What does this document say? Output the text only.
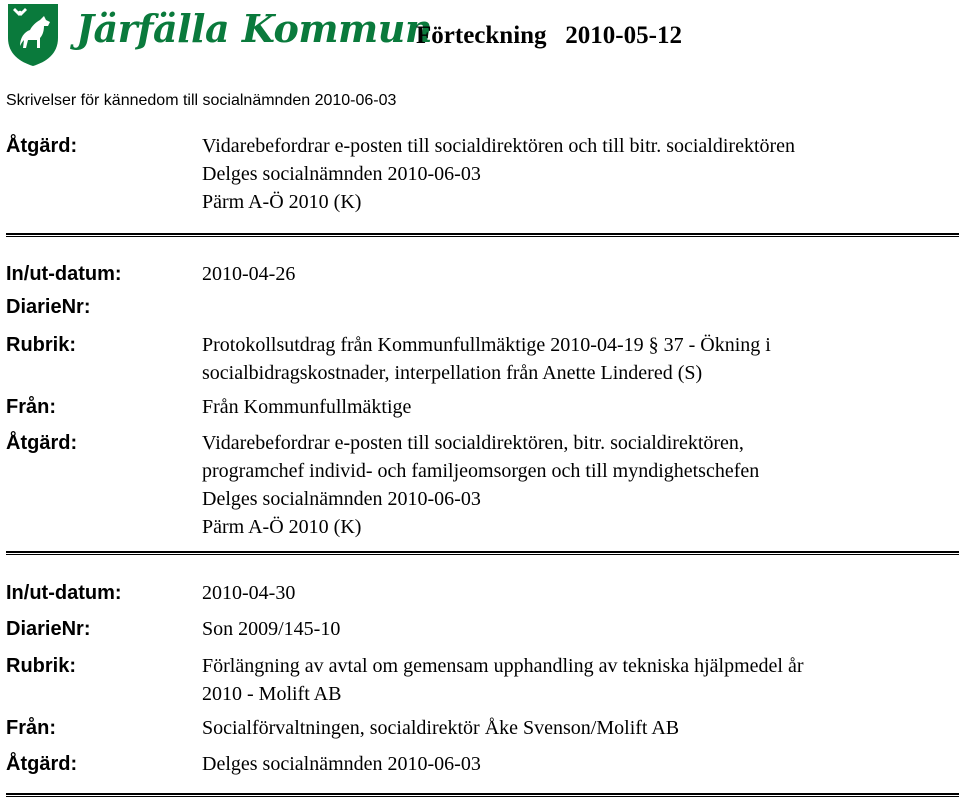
Järfälla Kommun
Förteckning   2010-05-12
Skrivelser för kännedom till socialnämnden 2010-06-03
Åtgärd:	Vidarebefordrar e-posten till socialdirektören och till bitr. socialdirektören
Delges socialnämnden 2010-06-03
Pärm A-Ö 2010 (K)
In/ut-datum:	2010-04-26
DiarieNr:
Rubrik:	Protokollsutdrag från Kommunfullmäktige 2010-04-19 § 37 - Ökning i
socialbidragskostnader, interpellation från Anette Lindered (S)
Från:	Från Kommunfullmäktige
Åtgärd:	Vidarebefordrar e-posten till socialdirektören, bitr. socialdirektören,
programchef individ- och familjeomsorgen och till myndighetschefen
Delges socialnämnden 2010-06-03
Pärm A-Ö 2010 (K)
In/ut-datum:	2010-04-30
DiarieNr:	Son 2009/145-10
Rubrik:	Förlängning av avtal om gemensam upphandling av tekniska hjälpmedel år
2010 - Molift AB
Från:	Socialförvaltningen, socialdirektör Åke Svenson/Molift AB
Åtgärd:	Delges socialnämnden 2010-06-03
